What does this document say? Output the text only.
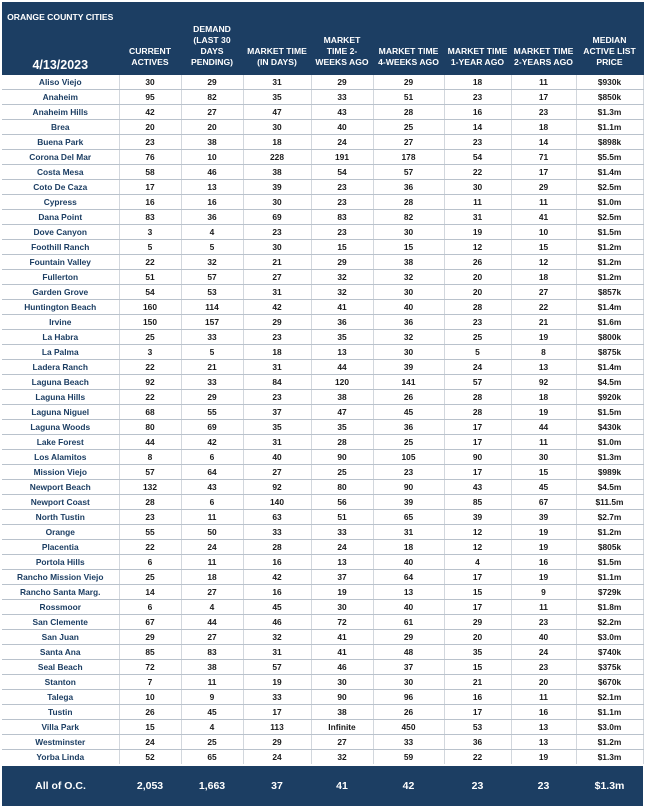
ORANGE COUNTY CITIES
4/13/2023	CURRENT ACTIVES	DEMAND (LAST 30 DAYS PENDING)	MARKET TIME (IN DAYS)	MARKET TIME 2-WEEKS AGO	MARKET TIME 4-WEEKS AGO	MARKET TIME 1-YEAR AGO	MARKET TIME 2-YEARS AGO	MEDIAN ACTIVE LIST PRICE
Aliso Viejo	30	29	31	29	29	18	11	$930k
Anaheim	95	82	35	33	51	23	17	$850k
Anaheim Hills	42	27	47	43	28	16	23	$1.3m
Brea	20	20	30	40	25	14	18	$1.1m
Buena Park	23	38	18	24	27	23	14	$898k
Corona Del Mar	76	10	228	191	178	54	71	$5.5m
Costa Mesa	58	46	38	54	57	22	17	$1.4m
Coto De Caza	17	13	39	23	36	30	29	$2.5m
Cypress	16	16	30	23	28	11	11	$1.0m
Dana Point	83	36	69	83	82	31	41	$2.5m
Dove Canyon	3	4	23	23	30	19	10	$1.5m
Foothill Ranch	5	5	30	15	15	12	15	$1.2m
Fountain Valley	22	32	21	29	38	26	12	$1.2m
Fullerton	51	57	27	32	32	20	18	$1.2m
Garden Grove	54	53	31	32	30	20	27	$857k
Huntington Beach	160	114	42	41	40	28	22	$1.4m
Irvine	150	157	29	36	36	23	21	$1.6m
La Habra	25	33	23	35	32	25	19	$800k
La Palma	3	5	18	13	30	5	8	$875k
Ladera Ranch	22	21	31	44	39	24	13	$1.4m
Laguna Beach	92	33	84	120	141	57	92	$4.5m
Laguna Hills	22	29	23	38	26	28	18	$920k
Laguna Niguel	68	55	37	47	45	28	19	$1.5m
Laguna Woods	80	69	35	35	36	17	44	$430k
Lake Forest	44	42	31	28	25	17	11	$1.0m
Los Alamitos	8	6	40	90	105	90	30	$1.3m
Mission Viejo	57	64	27	25	23	17	15	$989k
Newport Beach	132	43	92	80	90	43	45	$4.5m
Newport Coast	28	6	140	56	39	85	67	$11.5m
North Tustin	23	11	63	51	65	39	39	$2.7m
Orange	55	50	33	33	31	12	19	$1.2m
Placentia	22	24	28	24	18	12	19	$805k
Portola Hills	6	11	16	13	40	4	16	$1.5m
Rancho Mission Viejo	25	18	42	37	64	17	19	$1.1m
Rancho Santa Marg.	14	27	16	19	13	15	9	$729k
Rossmoor	6	4	45	30	40	17	11	$1.8m
San Clemente	67	44	46	72	61	29	23	$2.2m
San Juan	29	27	32	41	29	20	40	$3.0m
Santa Ana	85	83	31	41	48	35	24	$740k
Seal Beach	72	38	57	46	37	15	23	$375k
Stanton	7	11	19	30	30	21	20	$670k
Talega	10	9	33	90	96	16	11	$2.1m
Tustin	26	45	17	38	26	17	16	$1.1m
Villa Park	15	4	113	Infinite	450	53	13	$3.0m
Westminster	24	25	29	27	33	36	13	$1.2m
Yorba Linda	52	65	24	32	59	22	19	$1.3m
All of O.C.	2,053	1,663	37	41	42	23	23	$1.3m
